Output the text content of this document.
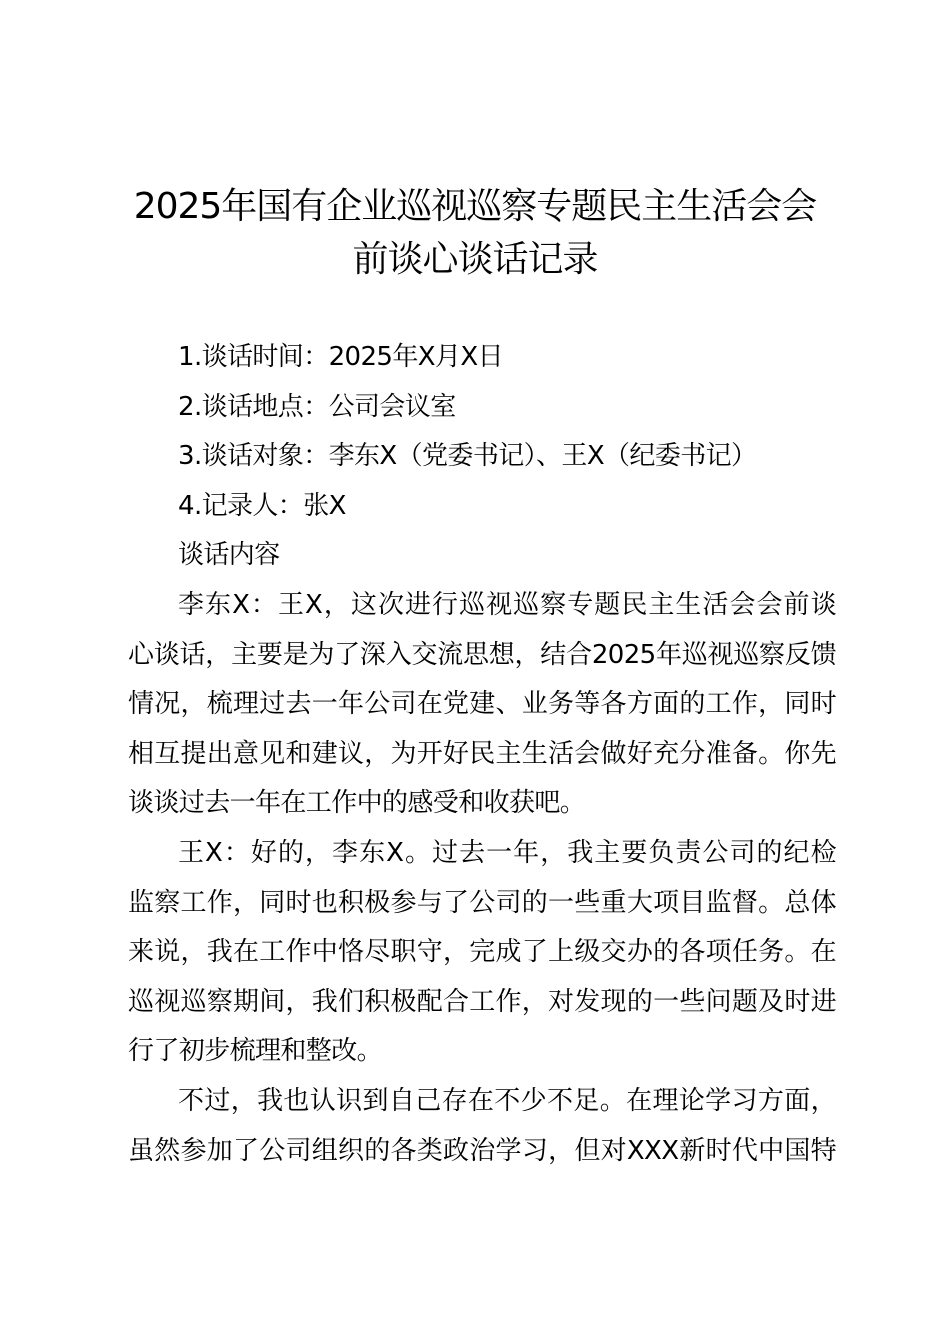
2025年国有企业巡视巡察专题民主生活会会
前谈心谈话记录
1.谈话时间：2025年X月X日
2.谈话地点：公司会议室
3.谈话对象：李东X（党委书记）、王X（纪委书记）
4.记录人：张X
谈话内容
李东X：王X，这次进行巡视巡察专题民主生活会会前谈
心谈话，主要是为了深入交流思想，结合2025年巡视巡察反馈
情况，梳理过去一年公司在党建、业务等各方面的工作，同时
相互提出意见和建议，为开好民主生活会做好充分准备。你先
谈谈过去一年在工作中的感受和收获吧。
王X：好的，李东X。过去一年，我主要负责公司的纪检
监察工作，同时也积极参与了公司的一些重大项目监督。总体
来说，我在工作中恪尽职守，完成了上级交办的各项任务。在
巡视巡察期间，我们积极配合工作，对发现的一些问题及时进
行了初步梳理和整改。
不过，我也认识到自己存在不少不足。在理论学习方面，
虽然参加了公司组织的各类政治学习，但对XXX新时代中国特
